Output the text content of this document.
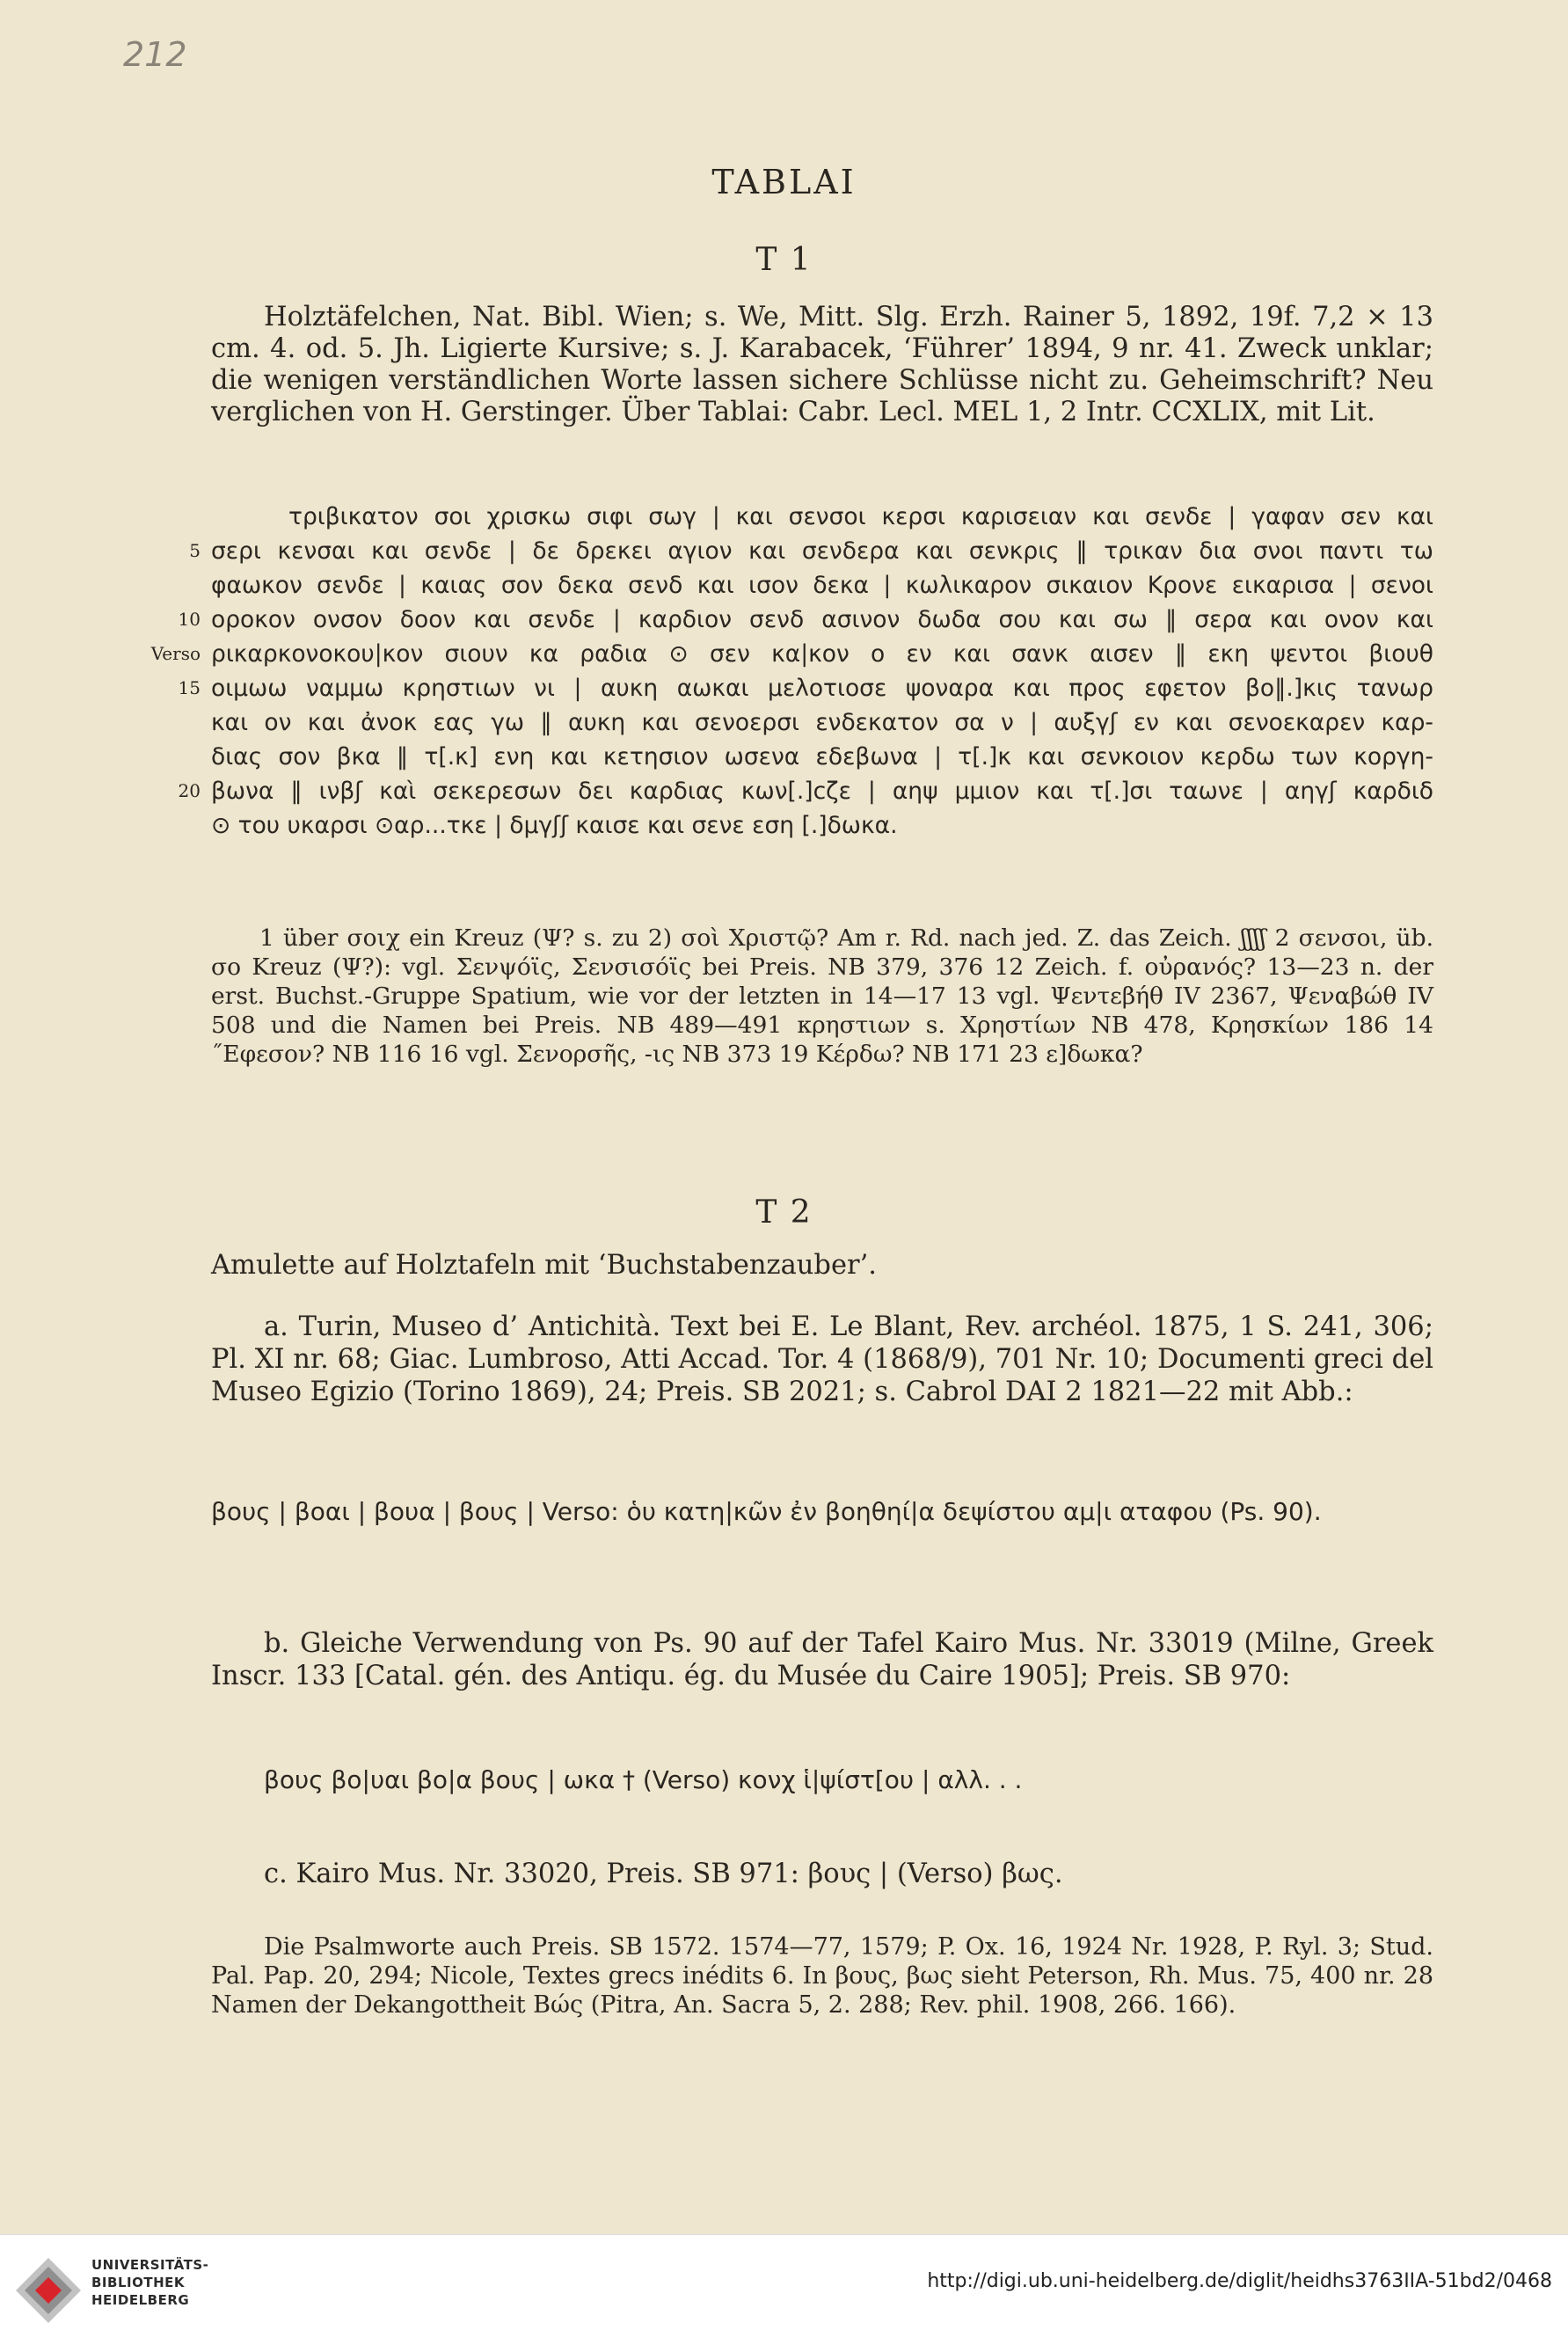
212
TABLAI
T 1
Holztäfelchen, Nat. Bibl. Wien; s. We, Mitt. Slg. Erzh. Rainer 5, 1892, 19f. 7,2 × 13 cm. 4. od. 5. Jh. Ligierte Kursive; s. J. Karabacek, ‘Führer’ 1894, 9 nr. 41. Zweck unklar; die wenigen verständlichen Worte lassen sichere Schlüsse nicht zu. Geheimschrift? Neu verglichen von H. Gerstinger. Über Tablai: Cabr. Lecl. MEL 1, 2 Intr. CCXLIX, mit Lit.
τριβικατον σοι χρισκω σιφι σωγ | και σενσοι κερσι καρισειαν και σενδε | γαφαν σεν και
5 σερι κενσαι και σενδε | δε δρεκει αγιον και σενδερα και σενκρις ‖ τρικαν δια σνοι παντι τω
φαωκον σενδε | καιας σον δεκα σενδ και ισον δεκα | κωλικαρον σικαιον Κρονε εικαρισα | σενοι
10 οροκον ονσον δοον και σενδε | καρδιον σενδ ασινον δωδα σου και σω ‖ σερα και ονον και
Verso ρικαρκονοκου|κον σιουν κα ραδια ⊙ σεν κα|κον ο εν και σανκ αισεν ‖ εκη ψεντοι βιουθ
15 οιμωω ναμμω κρηστιων νι | αυκη αωκαι μελοτιοσε ψοναρα και προς εφετον βο‖.]κις τανωρ
και ον και ἀνοκ εας γω ‖ αυκη και σενοερσι ενδεκατον σα ν | αυξγʃ εν και σενοεκαρεν καρ-
διας σον βκα ‖ τ[.κ] ενη και κετησιον ωσενα εδεβωνα | τ[.]κ και σενκοιον κερδω των κοργη-
20 βωνα ‖ ινβʃ καὶ σεκερεσων δει καρδιας κων[.]cζε | αηψ μμιον και τ[.]σι ταωνε | αηγʃ καρδιδ
⊙ του υκαρσι ⊙αρ...τκε | δμγʃʃ καισε και σενε εση [.]δωκα.

1 über σοιχ ein Kreuz (Ψ? s. zu 2) σοὶ Χριστῷ? Am r. Rd. nach jed. Z. das Zeich. ʃʃʃʃ 2 σενσοι, üb. σο Kreuz (Ψ?): vgl. Σενψόϊς, Σενσισόϊς bei Preis. NB 379, 376 12 Zeich. f. οὐρανός? 13—23 n. der erst. Buchst.-Gruppe Spatium, wie vor der letzten in 14—17 13 vgl. Ψεντεβήθ IV 2367, Ψεναβώθ IV 508 und die Namen bei Preis. NB 489—491 κρηστιων s. Χρηστίων NB 478, Κρησκίων 186 14 ˝Εφεσον? NB 116 16 vgl. Σενορσῆς, -ις NB 373 19 Κέρδω? NB 171 23 ε]δωκα?

T 2

Amulette auf Holztafeln mit ‘Buchstabenzauber’.

a. Turin, Museo d’ Antichità. Text bei E. Le Blant, Rev. archéol. 1875, 1 S. 241, 306; Pl. XI nr. 68; Giac. Lumbroso, Atti Accad. Tor. 4 (1868/9), 701 Nr. 10; Documenti greci del Museo Egizio (Torino 1869), 24; Preis. SB 2021; s. Cabrol DAI 2 1821—22 mit Abb.:

βους | βοαι | βουα | βους | Verso: ὁυ κατη|κῶν ἐν βοηθηί|α δεψίστου αμ|ι αταφου (Ps. 90).

b. Gleiche Verwendung von Ps. 90 auf der Tafel Kairo Mus. Nr. 33019 (Milne, Greek Inscr. 133 [Catal. gén. des Antiqu. ég. du Musée du Caire 1905]; Preis. SB 970:

βους βο|υαι βο|α βους | ωκα † (Verso) κονχ ἱ|ψίστ[ου | αλλ. . .

c. Kairo Mus. Nr. 33020, Preis. SB 971: βους | (Verso) βως.

Die Psalmworte auch Preis. SB 1572. 1574—77, 1579; P. Ox. 16, 1924 Nr. 1928, P. Ryl. 3; Stud. Pal. Pap. 20, 294; Nicole, Textes grecs inédits 6. In βους, βως sieht Peterson, Rh. Mus. 75, 400 nr. 28 Namen der Dekangottheit Βώς (Pitra, An. Sacra 5, 2. 288; Rev. phil. 1908, 266. 166).

UNIVERSITÄTS-
BIBLIOTHEK
HEIDELBERG
http://digi.ub.uni-heidelberg.de/diglit/heidhs3763IIA-51bd2/0468
